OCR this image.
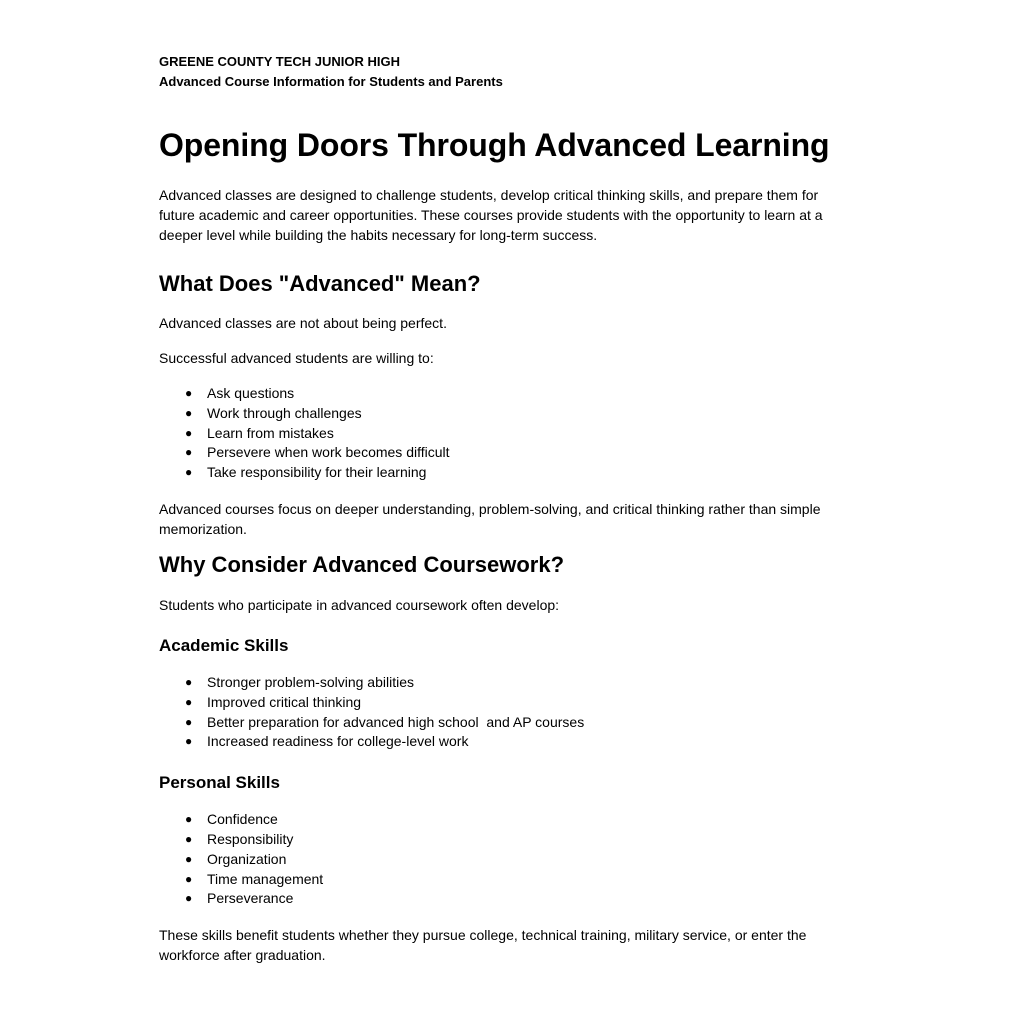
GREENE COUNTY TECH JUNIOR HIGH

Advanced Course Information for Students and Parents

Opening Doors Through Advanced Learning
Advanced classes are designed to challenge students, develop critical thinking skills, and prepare them for
future academic and career opportunities. These courses provide students with the opportunity to learn at a
deeper level while building the habits necessary for long-term success.
What Does "Advanced" Mean?

Advanced classes are not about being perfect.

Successful advanced students are willing to:

● Ask questions
● Work through challenges
● Learn from mistakes
● Persevere when work becomes difficult
● Take responsibility for their learning
Advanced courses focus on deeper understanding, problem-solving, and critical thinking rather than simple
memorization.
Why Consider Advanced Coursework?

Students who participate in advanced coursework often develop:

Academic Skills
● Stronger problem-solving abilities
● Improved critical thinking
● Better preparation for advanced high school  and AP courses
● Increased readiness for college-level work
Personal Skills
● Confidence
● Responsibility
● Organization
● Time management
● Perseverance
These skills benefit students whether they pursue college, technical training, military service, or enter the
workforce after graduation.
